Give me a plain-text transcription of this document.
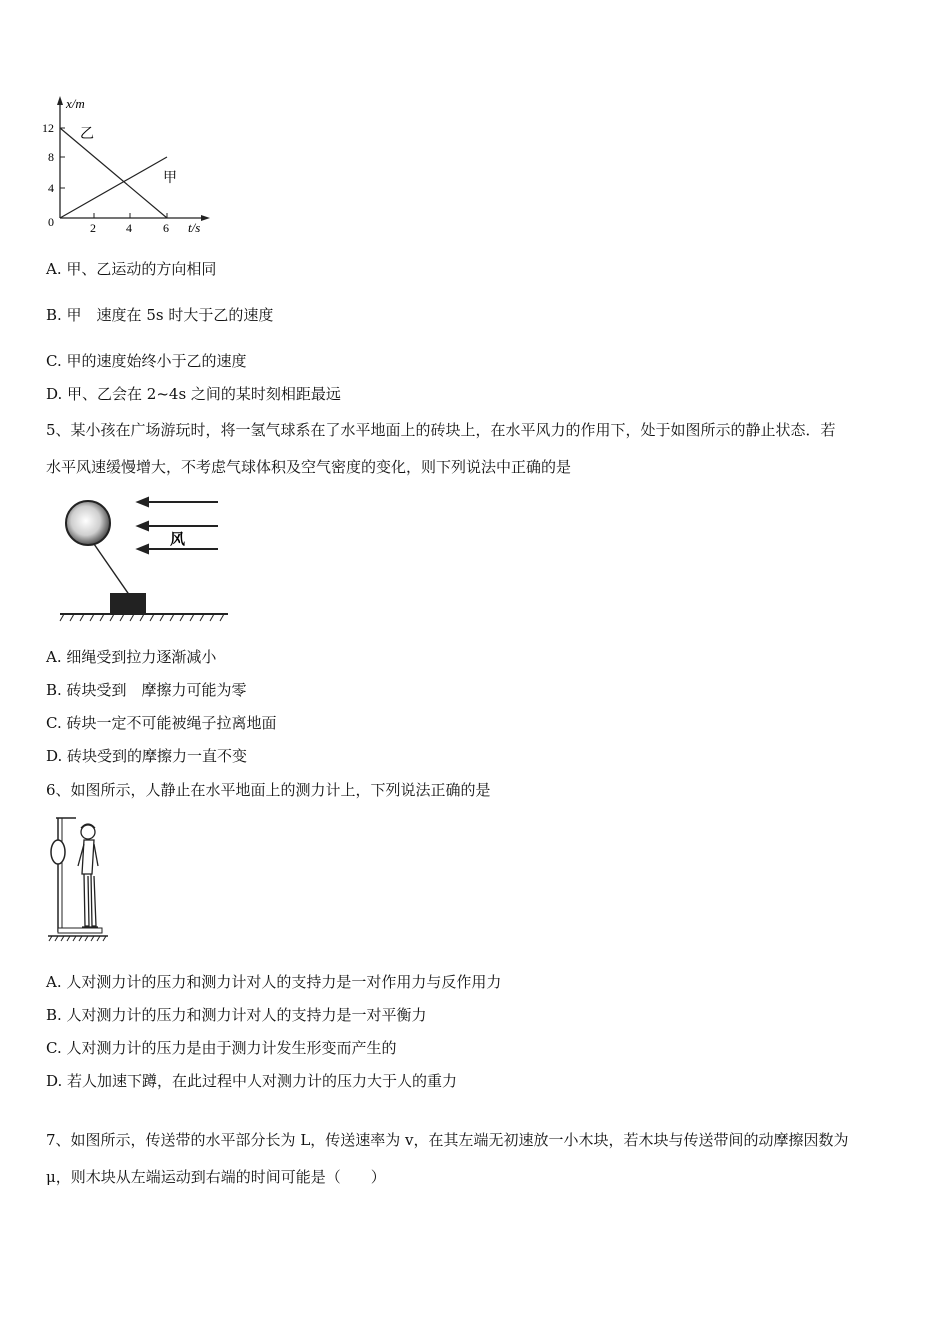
x/m
t/s
0
12
8
4
2	4	6
乙
甲
A. 甲、乙运动的方向相同
B. 甲　速度在 5s 时大于乙的速度
C. 甲的速度始终小于乙的速度
D. 甲、乙会在 2~4s 之间的某时刻相距最远
5、某小孩在广场游玩时，将一氢气球系在了水平地面上的砖块上，在水平风力的作用下，处于如图所示的静止状态．若
水平风速缓慢增大，不考虑气球体积及空气密度的变化，则下列说法中正确的是
风
A. 细绳受到拉力逐渐减小
B. 砖块受到　摩擦力可能为零
C. 砖块一定不可能被绳子拉离地面
D. 砖块受到的摩擦力一直不变
6、如图所示，人静止在水平地面上的测力计上，下列说法正确的是
A. 人对测力计的压力和测力计对人的支持力是一对作用力与反作用力
B. 人对测力计的压力和测力计对人的支持力是一对平衡力
C. 人对测力计的压力是由于测力计发生形变而产生的
D. 若人加速下蹲，在此过程中人对测力计的压力大于人的重力
7、如图所示，传送带的水平部分长为 L，传送速率为 v，在其左端无初速放一小木块，若木块与传送带间的动摩擦因数为
μ，则木块从左端运动到右端的时间可能是（　　）
